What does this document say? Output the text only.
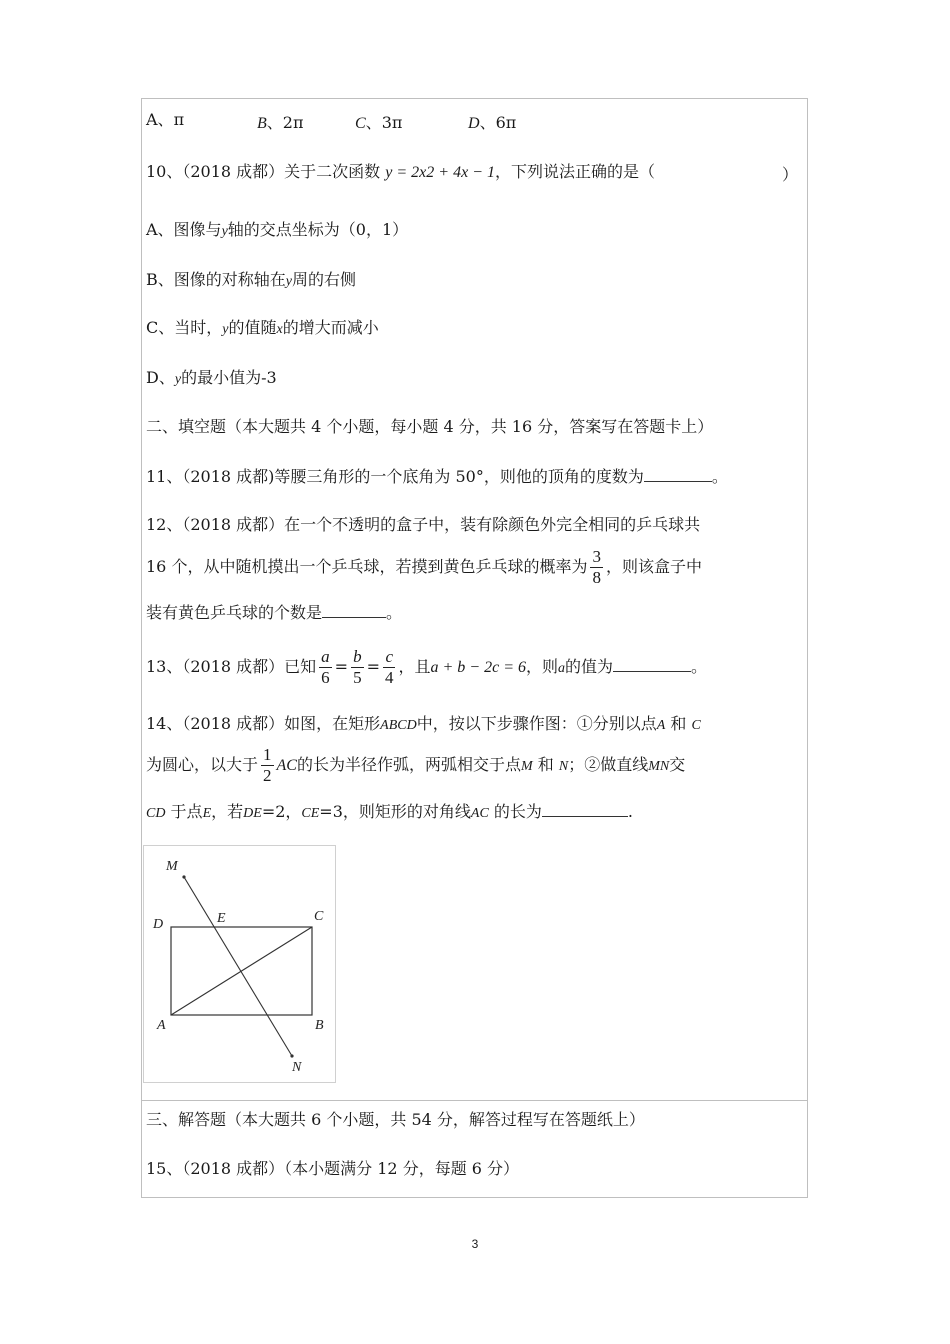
A、π	B、2π	C、3π	D、6π
10、（2018 成都）关于二次函数 y = 2x2 + 4x − 1，下列说法正确的是（	）
A、图像与y轴的交点坐标为（0，1）
B、图像的对称轴在y周的右侧
C、当时，y的值随x的增大而减小
D、y的最小值为-3
二、填空题（本大题共 4 个小题，每小题 4 分，共 16 分，答案写在答题卡上）
11、（2018 成都)等腰三角形的一个底角为 50°，则他的顶角的度数为	。
12、（2018 成都）在一个不透明的盒子中，装有除颜色外完全相同的乒乓球共
16 个，从中随机摸出一个乒乓球，若摸到黄色乒乓球的概率为 $\frac{3}{8}$ ，则该盒子中
装有黄色乒乓球的个数是	。
13、（2018 成都）已知 $\frac{a}{6} = \frac{b}{5} = \frac{c}{4}$ ，且a + b − 2c = 6，则a的值为	。
14、（2018 成都）如图，在矩形ABCD中，按以下步骤作图：①分别以点A 和 C
为圆心，以大于 $\frac{1}{2}$ AC的长为半径作弧，两弧相交于点M 和 N；②做直线MN交
CD 于点E，若DE=2，CE=3，则矩形的对角线AC 的长为	.
M
D	E	C
A	B
N
三、解答题（本大题共 6 个小题，共 54 分，解答过程写在答题纸上）
15、（2018 成都）（本小题满分 12 分，每题 6 分）
3
